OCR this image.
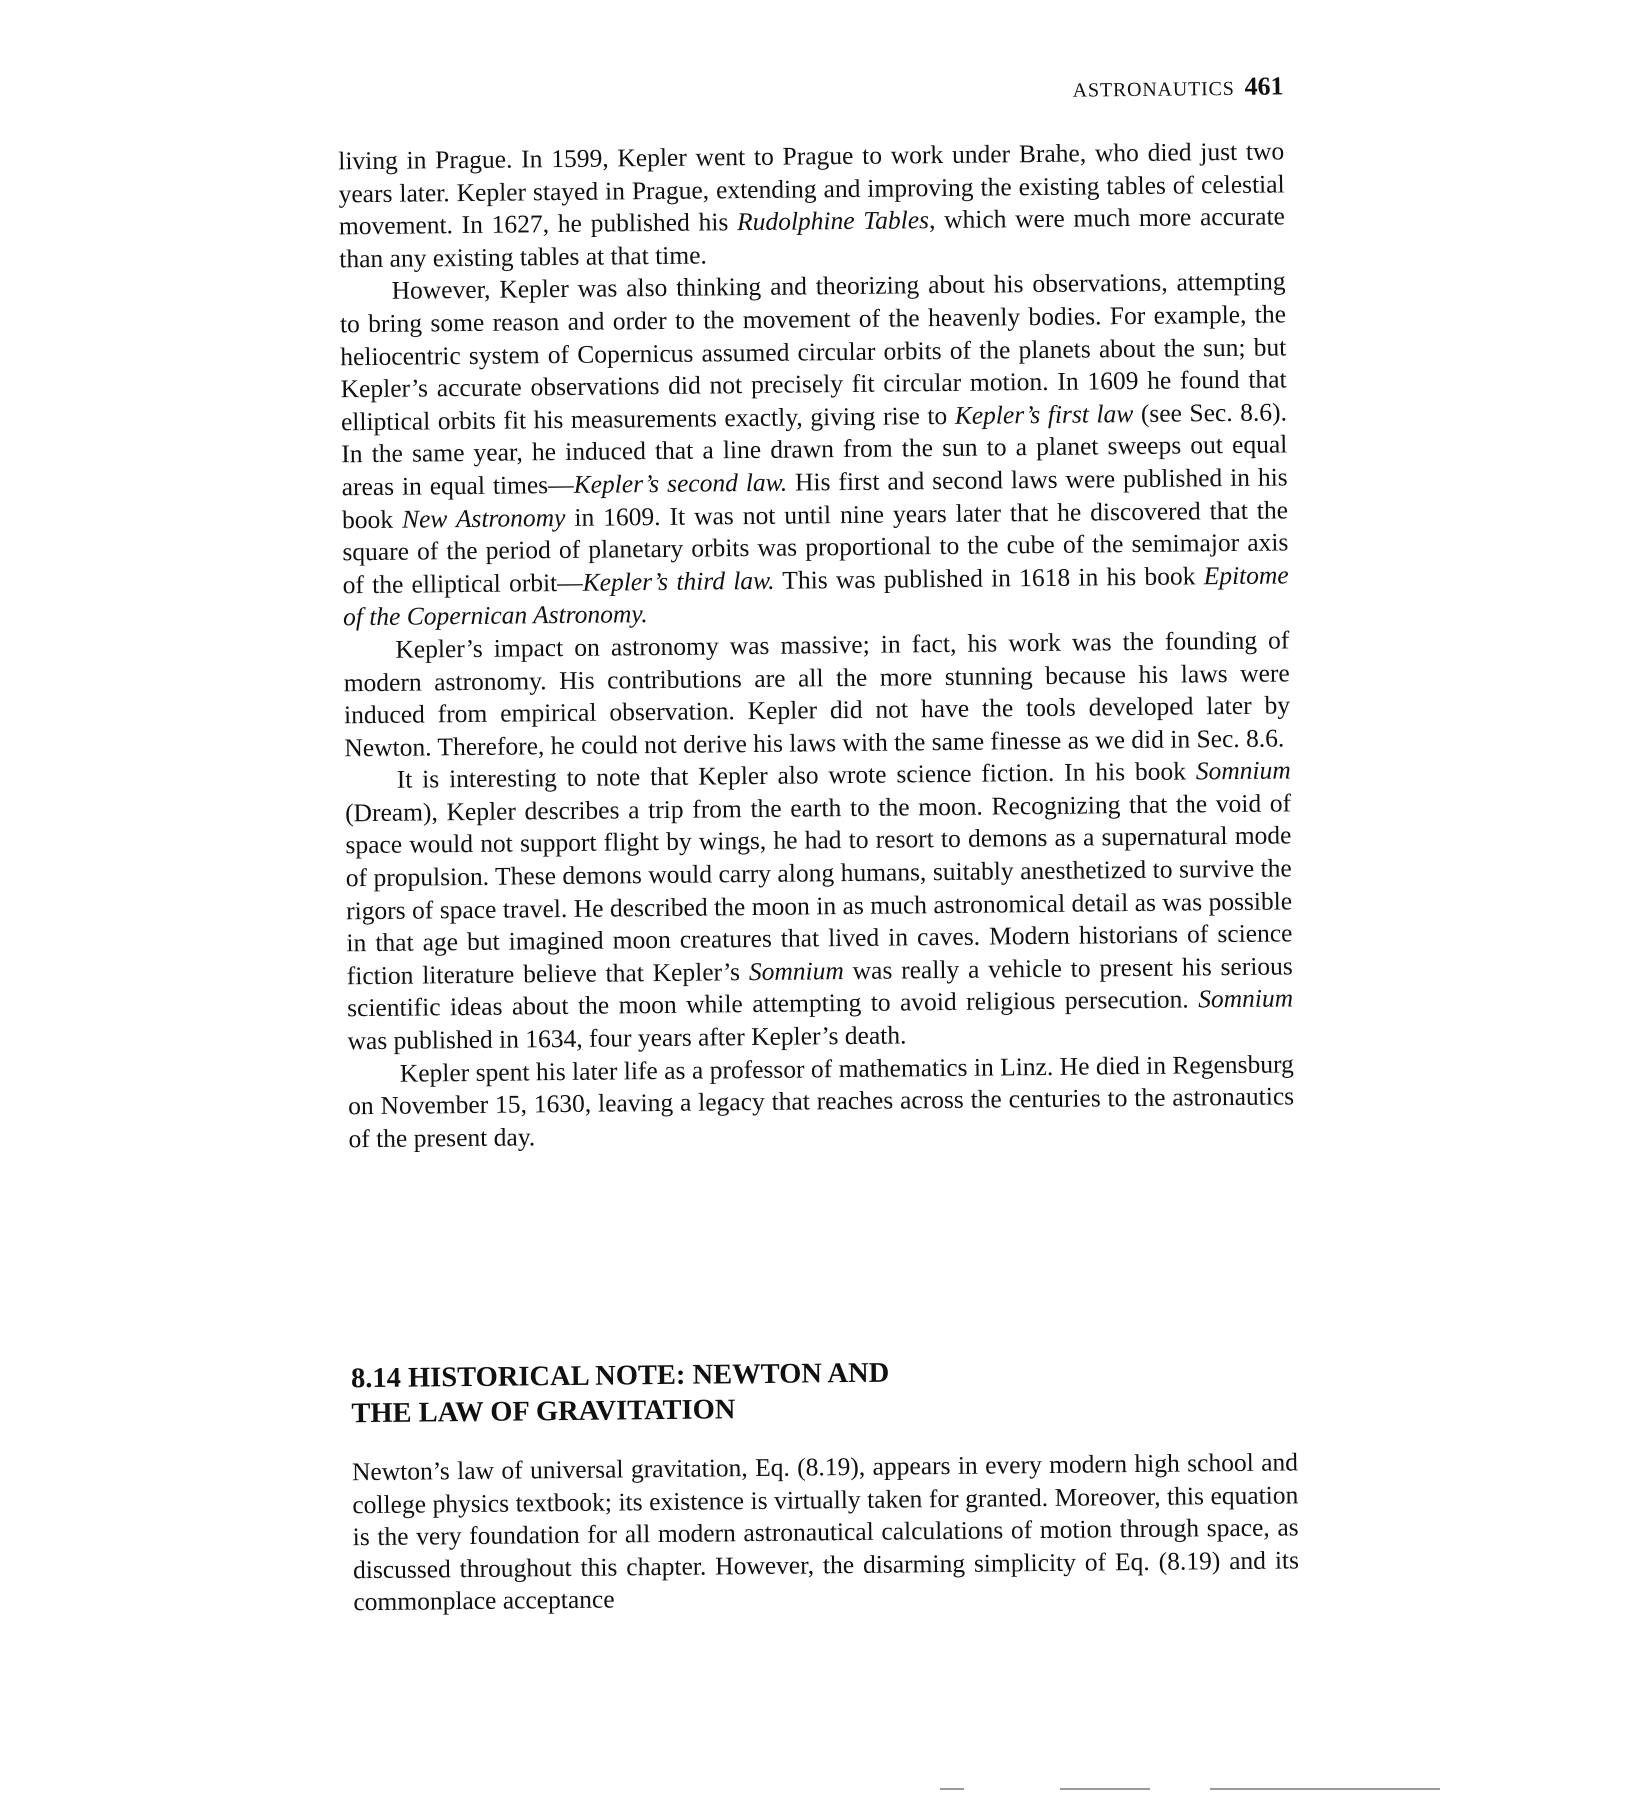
ASTRONAUTICS 461

living in Prague. In 1599, Kepler went to Prague to work under Brahe, who died just two years later. Kepler stayed in Prague, extending and improving the existing tables of celestial movement. In 1627, he published his Rudolphine Tables, which were much more accurate than any existing tables at that time.

However, Kepler was also thinking and theorizing about his observations, attempting to bring some reason and order to the movement of the heavenly bodies. For example, the heliocentric system of Copernicus assumed circular orbits of the planets about the sun; but Kepler’s accurate observations did not precisely fit circular motion. In 1609 he found that elliptical orbits fit his measurements exactly, giving rise to Kepler’s first law (see Sec. 8.6). In the same year, he induced that a line drawn from the sun to a planet sweeps out equal areas in equal times—Kepler’s second law. His first and second laws were published in his book New Astronomy in 1609. It was not until nine years later that he discovered that the square of the period of planetary orbits was proportional to the cube of the semimajor axis of the elliptical orbit—Kepler’s third law. This was published in 1618 in his book Epitome of the Copernican Astronomy.

Kepler’s impact on astronomy was massive; in fact, his work was the founding of modern astronomy. His contributions are all the more stunning because his laws were induced from empirical observation. Kepler did not have the tools developed later by Newton. Therefore, he could not derive his laws with the same finesse as we did in Sec. 8.6.

It is interesting to note that Kepler also wrote science fiction. In his book Somnium (Dream), Kepler describes a trip from the earth to the moon. Recognizing that the void of space would not support flight by wings, he had to resort to demons as a supernatural mode of propulsion. These demons would carry along humans, suitably anesthetized to survive the rigors of space travel. He described the moon in as much astronomical detail as was possible in that age but imagined moon creatures that lived in caves. Modern historians of science fiction literature believe that Kepler’s Somnium was really a vehicle to present his serious scientific ideas about the moon while attempting to avoid religious persecution. Somnium was published in 1634, four years after Kepler’s death.

Kepler spent his later life as a professor of mathematics in Linz. He died in Regensburg on November 15, 1630, leaving a legacy that reaches across the centuries to the astronautics of the present day.

8.14 HISTORICAL NOTE: NEWTON AND
THE LAW OF GRAVITATION

Newton’s law of universal gravitation, Eq. (8.19), appears in every modern high school and college physics textbook; its existence is virtually taken for granted. Moreover, this equation is the very foundation for all modern astronautical calculations of motion through space, as discussed throughout this chapter. However, the disarming simplicity of Eq. (8.19) and its commonplace acceptance
